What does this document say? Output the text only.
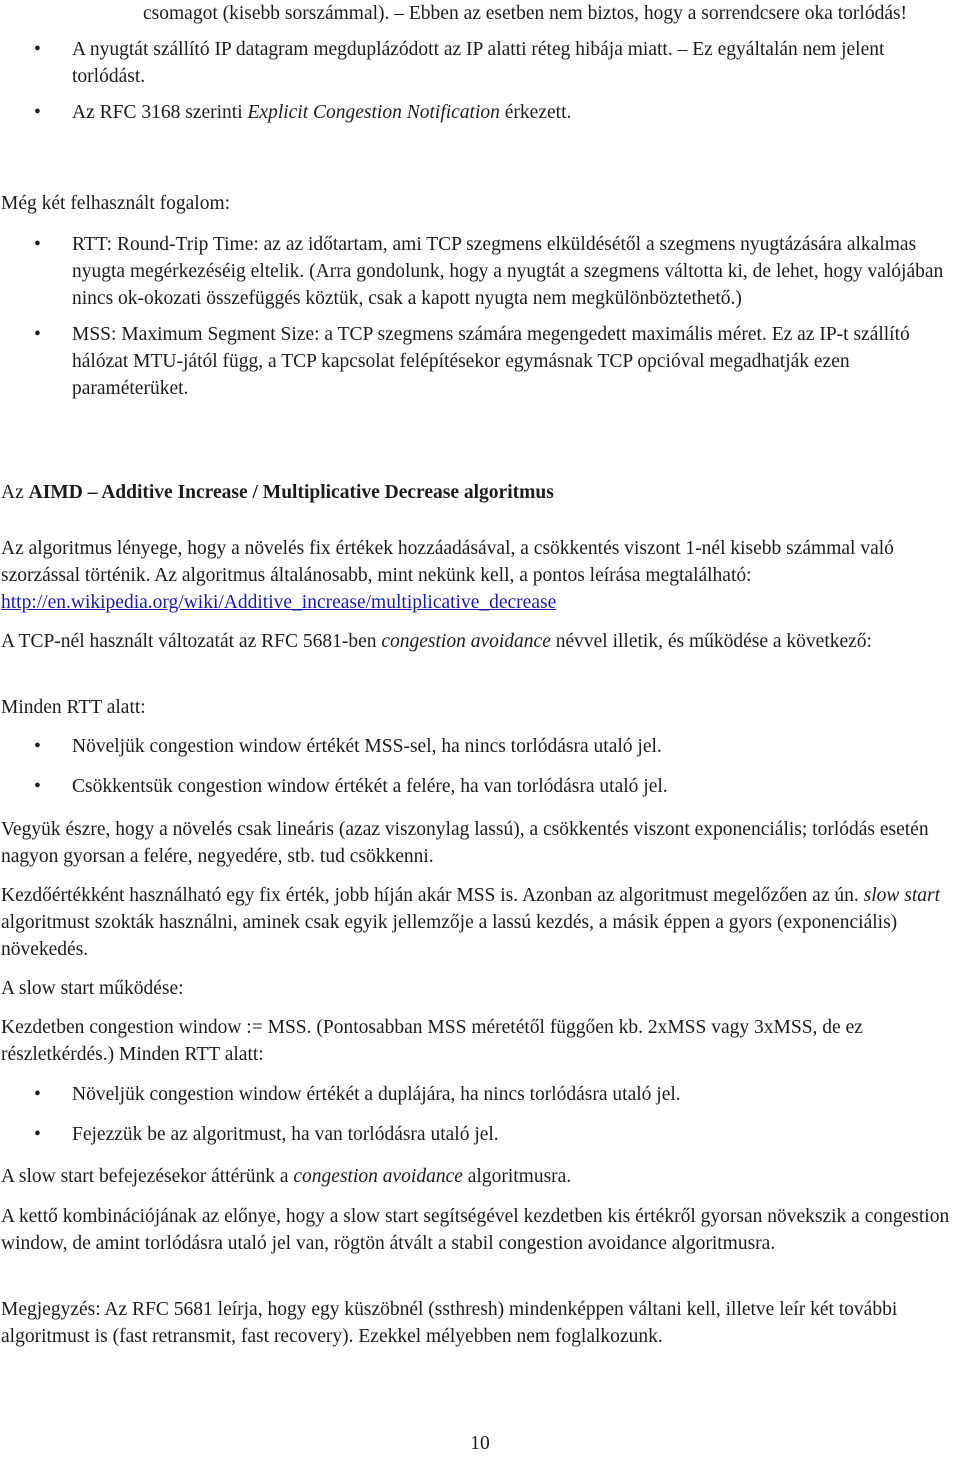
csomagot (kisebb sorszámmal). – Ebben az esetben nem biztos, hogy a sorrendcsere oka torlódás!
• A nyugtát szállító IP datagram megduplázódott az IP alatti réteg hibája miatt. – Ez egyáltalán nem jelent torlódást.
• Az RFC 3168 szerinti Explicit Congestion Notification érkezett.

Még két felhasznált fogalom:

• RTT: Round-Trip Time: az az időtartam, ami TCP szegmens elküldésétől a szegmens nyugtázására alkalmas nyugta megérkezéséig eltelik. (Arra gondolunk, hogy a nyugtát a szegmens váltotta ki, de lehet, hogy valójában nincs ok-okozati összefüggés köztük, csak a kapott nyugta nem megkülönböztethető.)
• MSS: Maximum Segment Size: a TCP szegmens számára megengedett maximális méret. Ez az IP-t szállító hálózat MTU-jától függ, a TCP kapcsolat felépítésekor egymásnak TCP opcióval megadhatják ezen paraméterüket.

Az AIMD – Additive Increase / Multiplicative Decrease algoritmus

Az algoritmus lényege, hogy a növelés fix értékek hozzáadásával, a csökkentés viszont 1-nél kisebb számmal való szorzással történik. Az algoritmus általánosabb, mint nekünk kell, a pontos leírása megtalálható: http://en.wikipedia.org/wiki/Additive_increase/multiplicative_decrease

A TCP-nél használt változatát az RFC 5681-ben congestion avoidance névvel illetik, és működése a következő:

Minden RTT alatt:

• Növeljük congestion window értékét MSS-sel, ha nincs torlódásra utaló jel.
• Csökkentsük congestion window értékét a felére, ha van torlódásra utaló jel.

Vegyük észre, hogy a növelés csak lineáris (azaz viszonylag lassú), a csökkentés viszont exponenciális; torlódás esetén nagyon gyorsan a felére, negyedére, stb. tud csökkenni.

Kezdőértékként használható egy fix érték, jobb híján akár MSS is. Azonban az algoritmust megelőzően az ún. slow start algoritmust szokták használni, aminek csak egyik jellemzője a lassú kezdés, a másik éppen a gyors (exponenciális) növekedés.

A slow start működése:

Kezdetben congestion window := MSS. (Pontosabban MSS méretétől függően kb. 2xMSS vagy 3xMSS, de ez részletkérdés.) Minden RTT alatt:

• Növeljük congestion window értékét a duplájára, ha nincs torlódásra utaló jel.
• Fejezzük be az algoritmust, ha van torlódásra utaló jel.

A slow start befejezésekor áttérünk a congestion avoidance algoritmusra.

A kettő kombinációjának az előnye, hogy a slow start segítségével kezdetben kis értékről gyorsan növekszik a congestion window, de amint torlódásra utaló jel van, rögtön átvált a stabil congestion avoidance algoritmusra.

Megjegyzés: Az RFC 5681 leírja, hogy egy küszöbnél (ssthresh) mindenképpen váltani kell, illetve leír két további algoritmust is (fast retransmit, fast recovery). Ezekkel mélyebben nem foglalkozunk.

10
